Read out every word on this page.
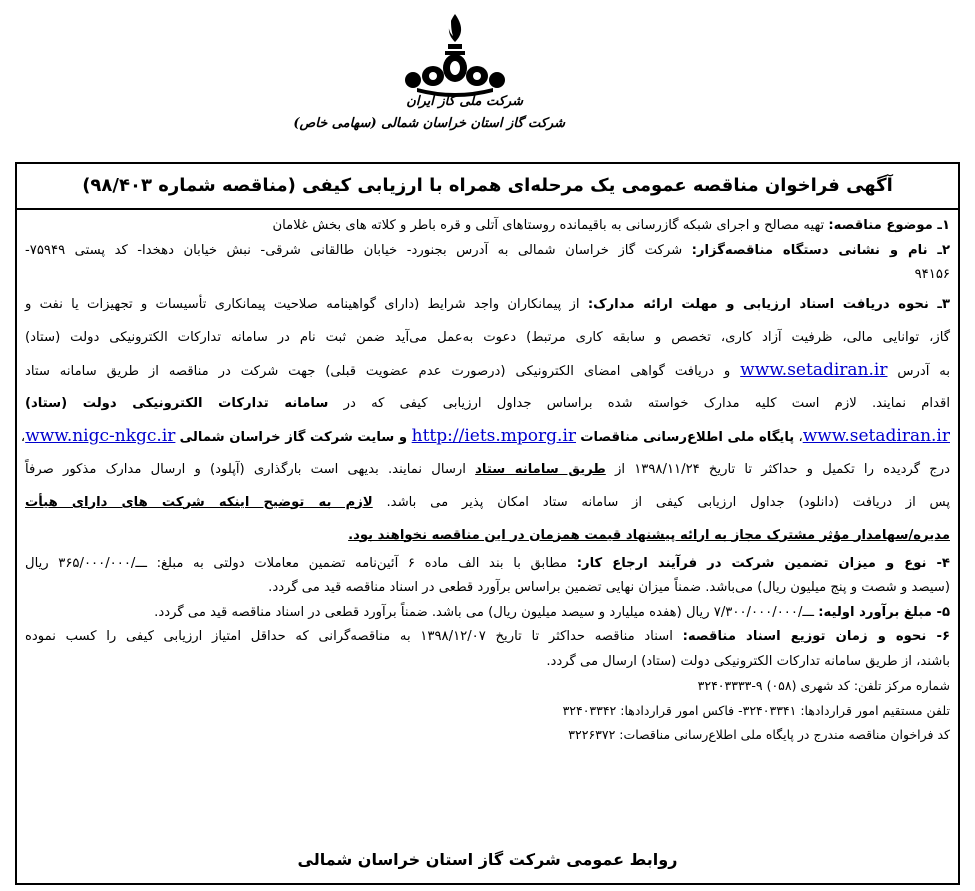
شرکت ملی گاز ایران
شرکت گاز استان خراسان شمالی (سهامی خاص)
آگهی فراخوان مناقصه عمومی یک مرحله‌ای همراه با ارزیابی کیفی (مناقصه شماره ۹۸/۴۰۳)
۱ـ موضوع مناقصه: تهیه مصالح و اجرای شبکه گازرسانی به باقیمانده روستاهای آتلی و قره باطر و کلاته های بخش غلامان
۲ـ نام و نشانی دستگاه مناقصه‌گزار: شرکت گاز خراسان شمالی به آدرس بجنورد- خیابان طالقانی شرقی- نبش خیابان دهخدا- کد پستی ۷۵۹۴۹-
۹۴۱۵۶
۳ـ نحوه دریافت اسناد ارزیابی و مهلت ارائه مدارک: از پیمانکاران واجد شرایط (دارای گواهینامه صلاحیت پیمانکاری تأسیسات و تجهیزات یا نفت و
گاز، توانایی مالی، ظرفیت آزاد کاری، تخصص و سابقه کاری مرتبط) دعوت به‌عمل می‌آید ضمن ثبت نام در سامانه تدارکات الکترونیکی دولت (ستاد)
به آدرس www.setadiran.ir و دریافت گواهی امضای الکترونیکی (درصورت عدم عضویت قبلی) جهت شرکت در مناقصه از طریق سامانه ستاد
اقدام نمایند. لازم است کلیه مدارک خواسته شده براساس جداول ارزیابی کیفی که در سامانه تدارکات الکترونیکی دولت (ستاد)
www.setadiran.ir، پایگاه ملی اطلاع‌رسانی مناقصات http://iets.mporg.ir و سایت شرکت گاز خراسان شمالی www.nigc-nkgc.ir،
درج گردیده را تکمیل و حداکثر تا تاریخ ۱۳۹۸/۱۱/۲۴ از طریق سامانه ستاد ارسال نمایند. بدیهی است بارگذاری (آپلود) و ارسال مدارک مذکور صرفاً
پس از دریافت (دانلود) جداول ارزیابی کیفی از سامانه ستاد امکان پذیر می باشد. لازم به توضیح اینکه شرکت های دارای هیأت
مدیره/سهامدار مؤثر مشترک مجاز به ارائه پیشنهاد قیمت همزمان در این مناقصه نخواهند بود.
۴- نوع و میزان تضمین شرکت در فرآیند ارجاع کار: مطابق با بند الف ماده ۶ آئین‌نامه تضمین معاملات دولتی به مبلغ: ـــ/۳۶۵/۰۰۰/۰۰۰ ریال
(سیصد و شصت و پنج میلیون ریال) می‌باشد. ضمناً میزان نهایی تضمین براساس برآورد قطعی در اسناد مناقصه قید می گردد.
۵- مبلغ برآورد اولیه: ـــ/۷/۳۰۰/۰۰۰/۰۰۰ ریال (هفده میلیارد و سیصد میلیون ریال) می باشد. ضمناً برآورد قطعی در اسناد مناقصه قید می گردد.
۶- نحوه و زمان توزیع اسناد مناقصه: اسناد مناقصه حداکثر تا تاریخ ۱۳۹۸/۱۲/۰۷ به مناقصه‌گرانی که حداقل امتیاز ارزیابی کیفی را کسب نموده
باشند، از طریق سامانه تدارکات الکترونیکی دولت (ستاد) ارسال می گردد.
شماره مرکز تلفن: کد شهری (۰۵۸) ۹-۳۲۴۰۳۳۳۳
تلفن مستقیم امور قراردادها: ۳۲۴۰۳۳۴۱- فاکس امور قراردادها: ۳۲۴۰۳۳۴۲
کد فراخوان مناقصه مندرج در پایگاه ملی اطلاع‌رسانی مناقصات: ۳۲۲۶۳۷۲
روابط عمومی شرکت گاز استان خراسان شمالی
